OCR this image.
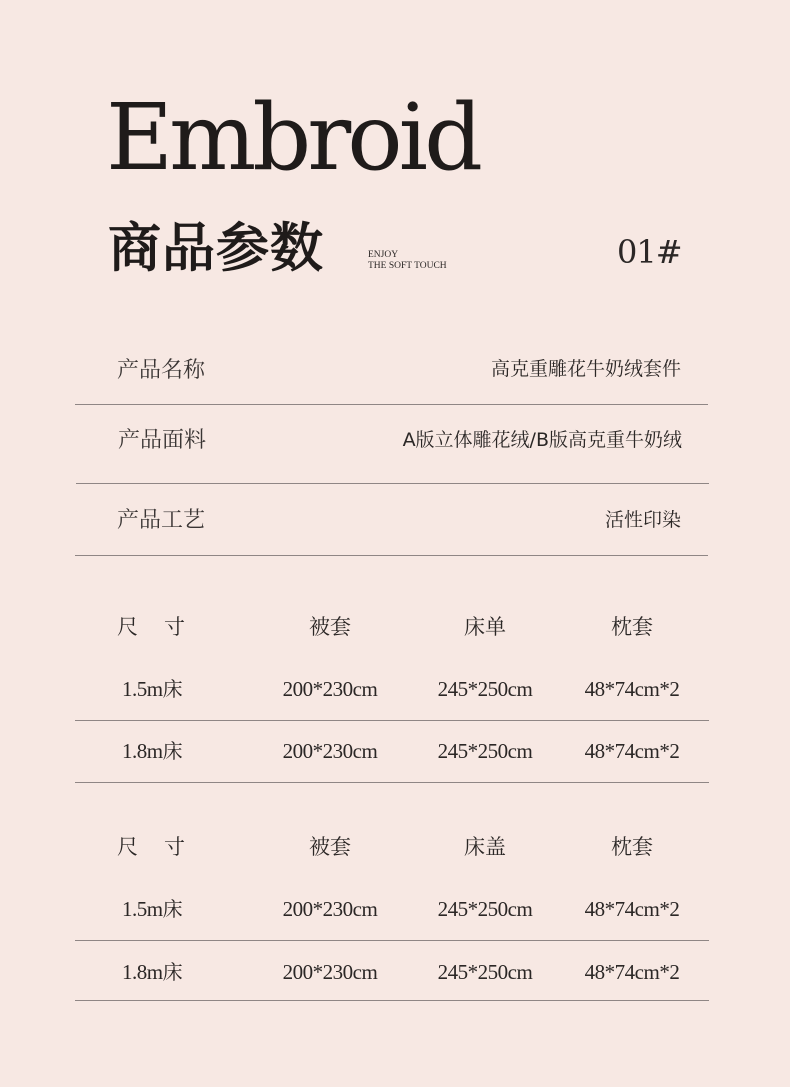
Embroid
商品参数	ENJOY
THE SOFT TOUCH	01#
产品名称	高克重雕花牛奶绒套件
产品面料	A版立体雕花绒/B版高克重牛奶绒
产品工艺	活性印染
尺寸	被套	床单	枕套
1.5m床	200*230cm	245*250cm 48*74cm*2
1.8m床	200*230cm	245*250cm 48*74cm*2
尺寸	被套	床盖	枕套
1.5m床	200*230cm	245*250cm 48*74cm*2
1.8m床	200*230cm	245*250cm 48*74cm*2
